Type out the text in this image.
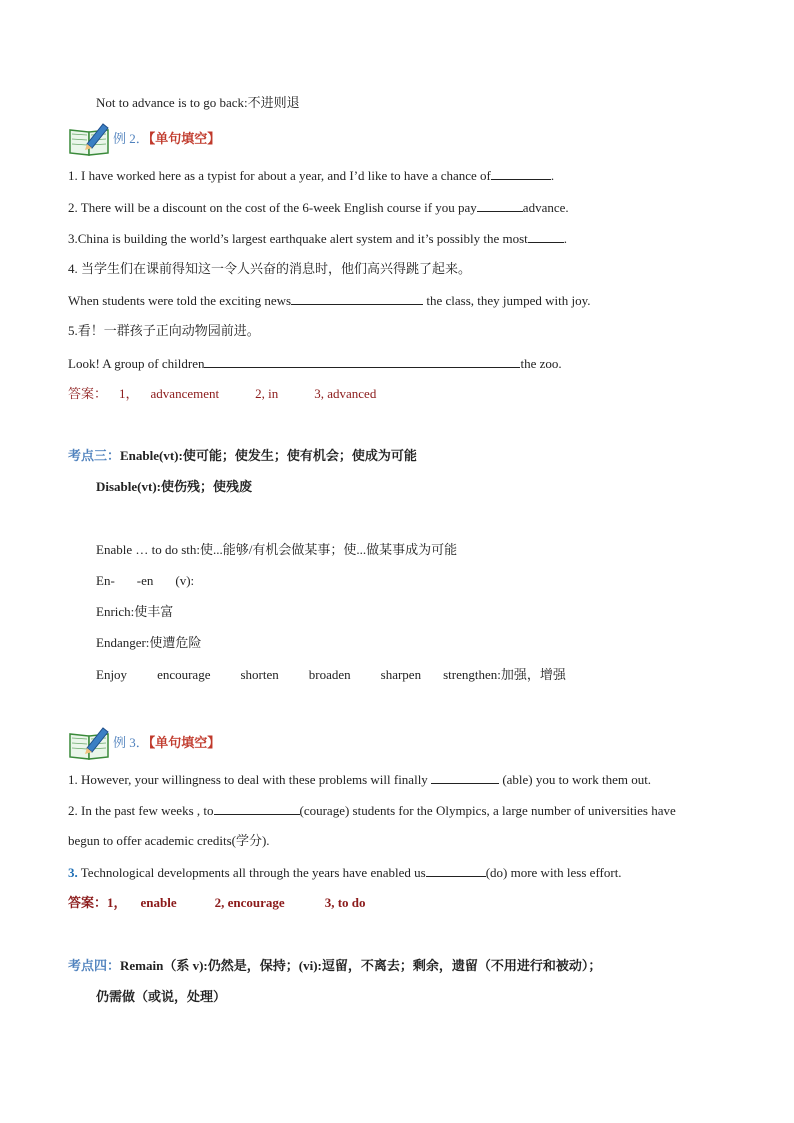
Not to advance is to go back:不进则退
例 2．【单句填空】
1. I have worked here as a typist for about a year, and I’d like to have a chance of	.
2. There will be a discount on the cost of the 6-week English course if you pay	advance.
3.China is building the world’s largest earthquake alert system and it’s possibly the most	.
4. 当学生们在课前得知这一令人兴奋的消息时，他们高兴得跳了起来。
When students were told the exciting news	the class, they jumped with joy.
5.看！一群孩子正向动物园前进。
Look! A group of children	the zoo.
答案： 1， advancement	2, in	3, advanced
考点三：Enable(vt):使可能；使发生；使有机会；使成为可能
Disable(vt):使伤残；使残废
Enable … to do sth:使...能够/有机会做某事；使...做某事成为可能
En- -en (v):
Enrich:使丰富
Endanger:使遭危险
Enjoy encourage shorten broaden sharpen strengthen:加强，增强
例 3．【单句填空】
1. However, your willingness to deal with these problems will finally	(able) you to work them out.
2. In the past few weeks , to	(courage) students for the Olympics, a large number of universities have
begun to offer academic credits(学分).
3. Technological developments all through the years have enabled us	(do) more with less effort.
答案：1， enable	2, encourage	3, to do
考点四：Remain（系 v):仍然是，保持；(vi):逗留，不离去；剩余，遗留（不用进行和被动）；
仍需做（或说，处理）
